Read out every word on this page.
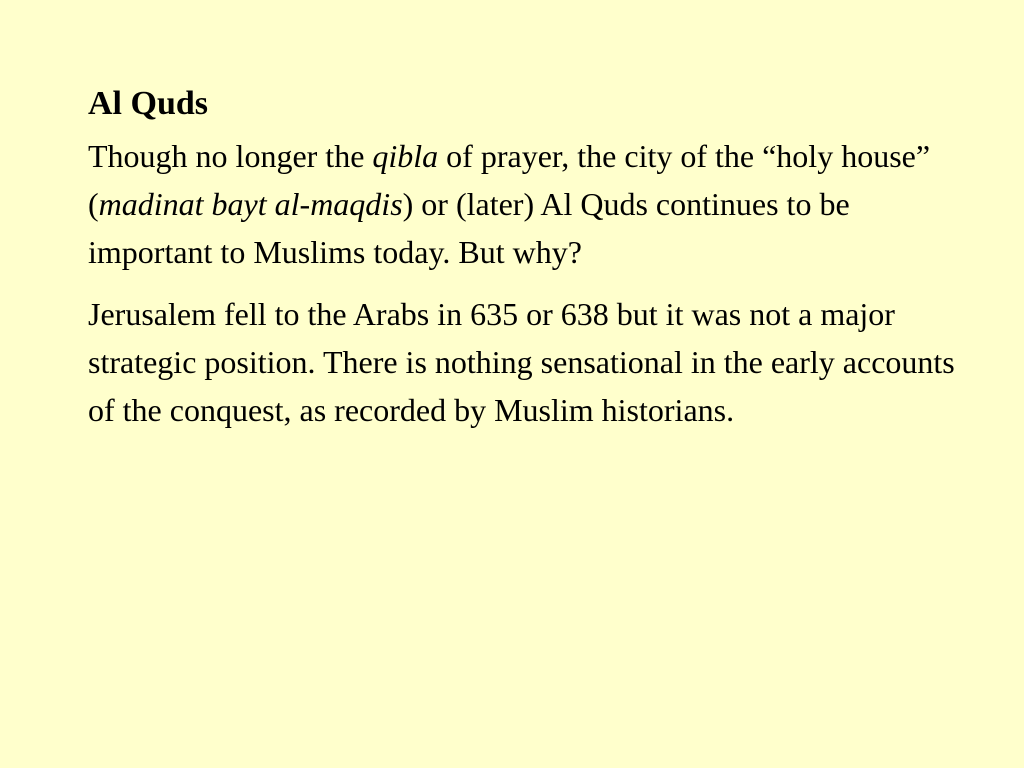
Al Quds

Though no longer the qibla of prayer, the city of the “holy house” (madinat bayt al-maqdis) or (later) Al Quds continues to be important to Muslims today. But why?

Jerusalem fell to the Arabs in 635 or 638 but it was not a major strategic position. There is nothing sensational in the early accounts of the conquest, as recorded by Muslim historians.
